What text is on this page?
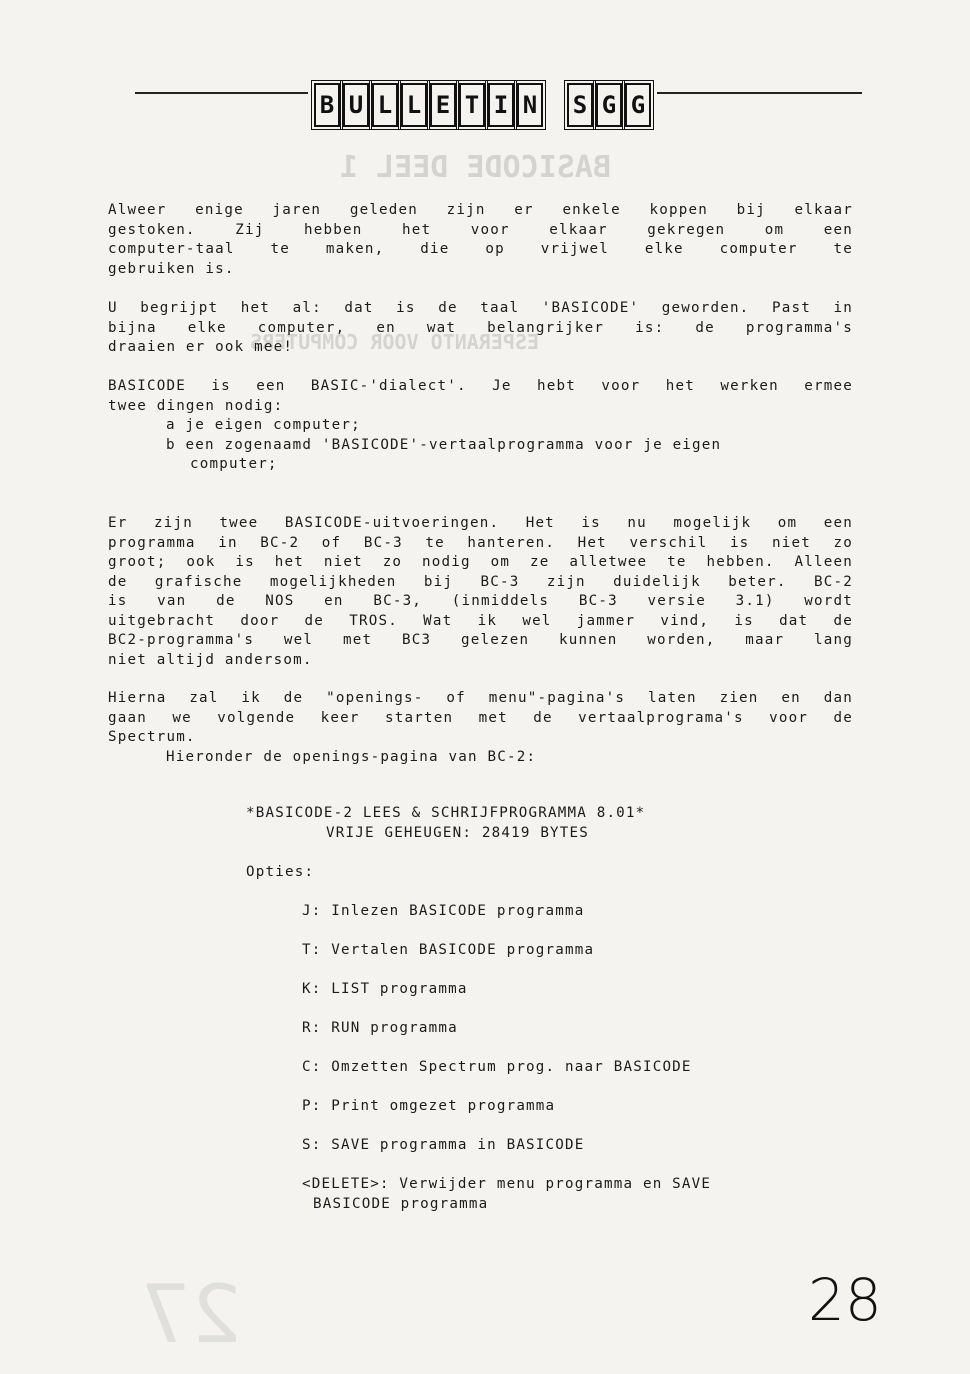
BASICODE DEEL 1
ESPERANTO VOOR COMPUTERS
B U L L E T I N S G G

Alweer enige jaren geleden zijn er enkele koppen bij elkaar

gestoken. Zij hebben het voor elkaar gekregen om een

computer-taal te maken, die op vrijwel elke computer te

gebruiken is.

U begrijpt het al: dat is de taal 'BASICODE' geworden. Past in

bijna elke computer, en wat belangrijker is: de programma's

draaien er ook mee!

BASICODE is een BASIC-'dialect'. Je hebt voor het werken ermee

twee dingen nodig:

a je eigen computer;

b een zogenaamd 'BASICODE'-vertaalprogramma voor je eigen

computer;

Er zijn twee BASICODE-uitvoeringen. Het is nu mogelijk om een

programma in BC-2 of BC-3 te hanteren. Het verschil is niet zo

groot; ook is het niet zo nodig om ze alletwee te hebben. Alleen

de grafische mogelijkheden bij BC-3 zijn duidelijk beter. BC-2

is van de NOS en BC-3, (inmiddels BC-3 versie 3.1) wordt

uitgebracht door de TROS. Wat ik wel jammer vind, is dat de

BC2-programma's wel met BC3 gelezen kunnen worden, maar lang

niet altijd andersom.

Hierna zal ik de "openings- of menu"-pagina's laten zien en dan

gaan we volgende keer starten met de vertaalprograma's voor de

Spectrum.

Hieronder de openings-pagina van BC-2:

*BASICODE-2 LEES & SCHRIJFPROGRAMMA 8.01*
VRIJE GEHEUGEN: 28419 BYTES
Opties:
J: Inlezen BASICODE programma
T: Vertalen BASICODE programma
K: LIST programma
R: RUN programma
C: Omzetten Spectrum prog. naar BASICODE
P: Print omgezet programma
S: SAVE programma in BASICODE
<DELETE>: Verwijder menu programma en SAVE
BASICODE programma
27	28
